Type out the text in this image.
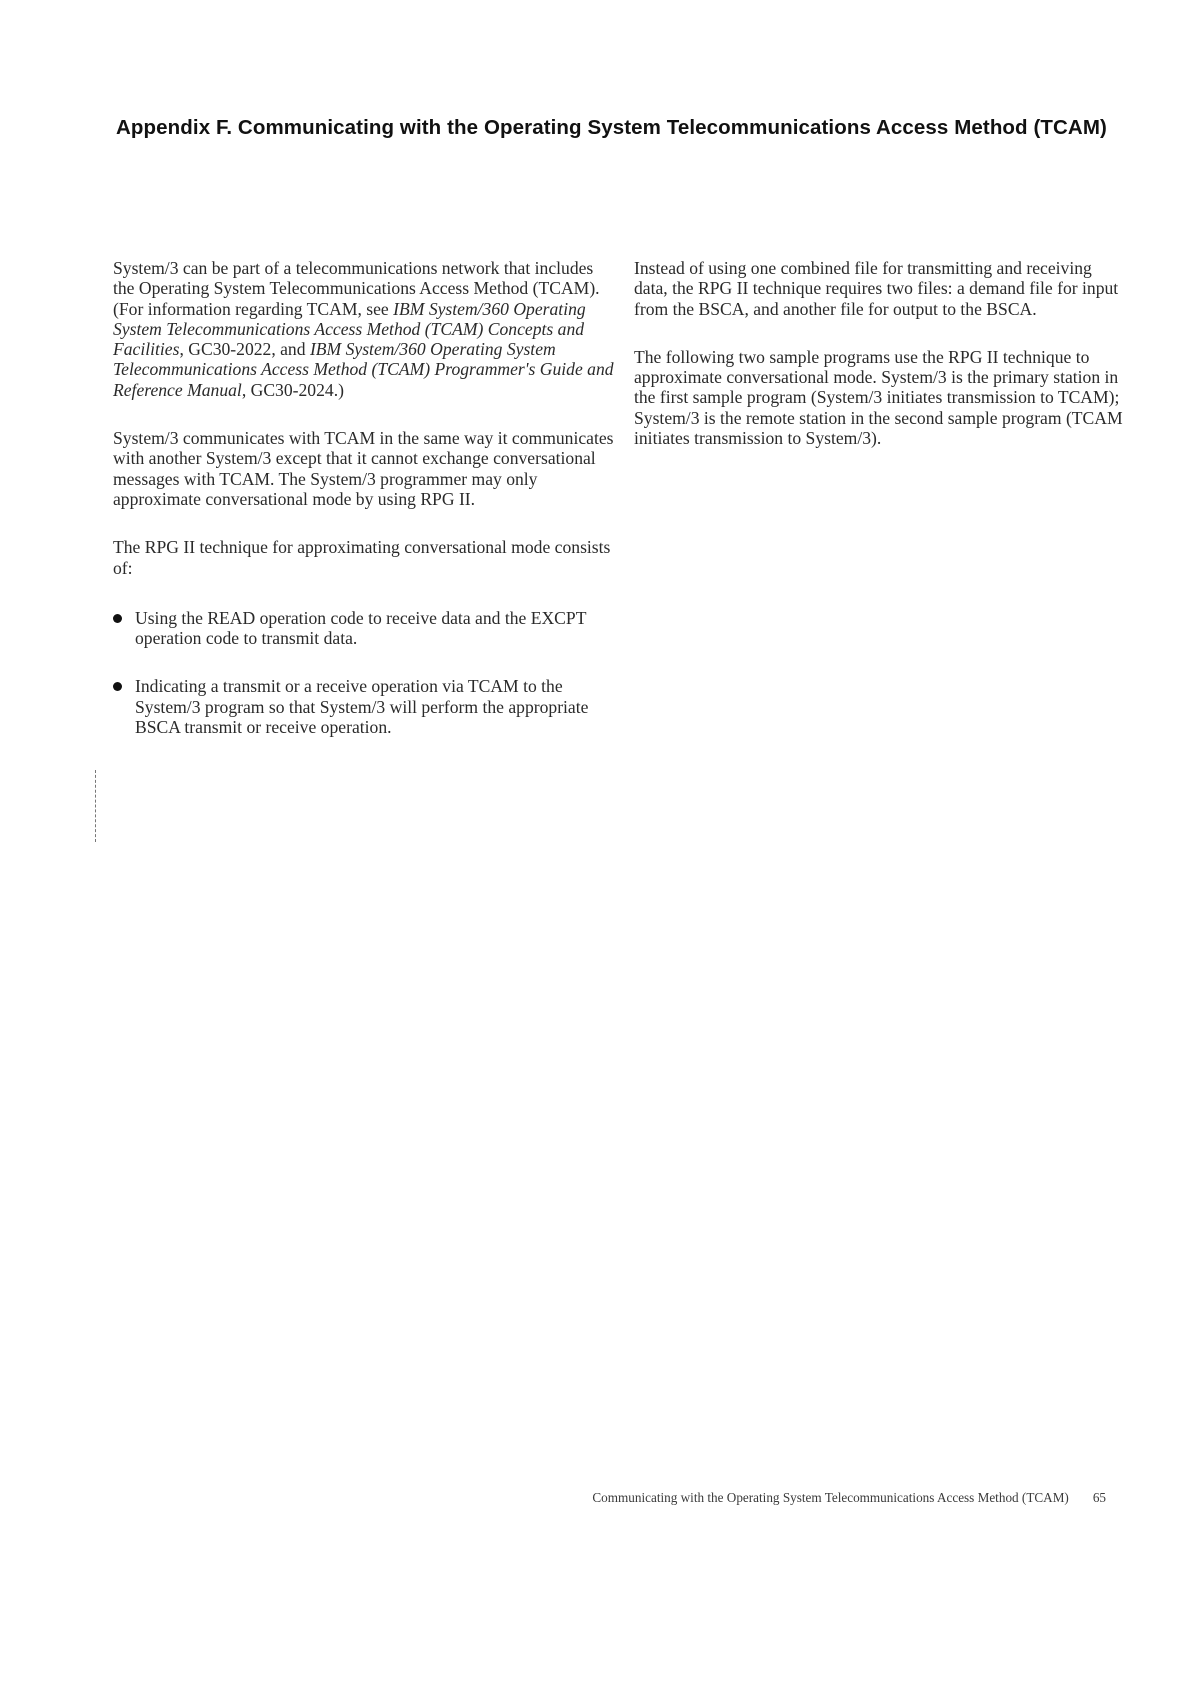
Appendix F. Communicating with the Operating System Telecommunications Access Method (TCAM)

System/3 can be part of a telecommunications network that includes the Operating System Telecommunications Access Method (TCAM). (For information regarding TCAM, see IBM System/360 Operating System Telecommunications Access Method (TCAM) Concepts and Facilities, GC30-2022, and IBM System/360 Operating System Telecommunications Access Method (TCAM) Programmer's Guide and Reference Manual, GC30-2024.)

System/3 communicates with TCAM in the same way it communicates with another System/3 except that it cannot exchange conversational messages with TCAM. The System/3 programmer may only approximate conversational mode by using RPG II.

The RPG II technique for approximating conversational mode consists of:

Using the READ operation code to receive data and the EXCPT operation code to transmit data.
Indicating a transmit or a receive operation via TCAM to the System/3 program so that System/3 will perform the appropriate BSCA transmit or receive operation.

Instead of using one combined file for transmitting and receiving data, the RPG II technique requires two files: a demand file for input from the BSCA, and another file for output to the BSCA.

The following two sample programs use the RPG II technique to approximate conversational mode. System/3 is the primary station in the first sample program (System/3 initiates transmission to TCAM); System/3 is the remote station in the second sample program (TCAM initiates transmission to System/3).

Communicating with the Operating System Telecommunications Access Method (TCAM) 65
